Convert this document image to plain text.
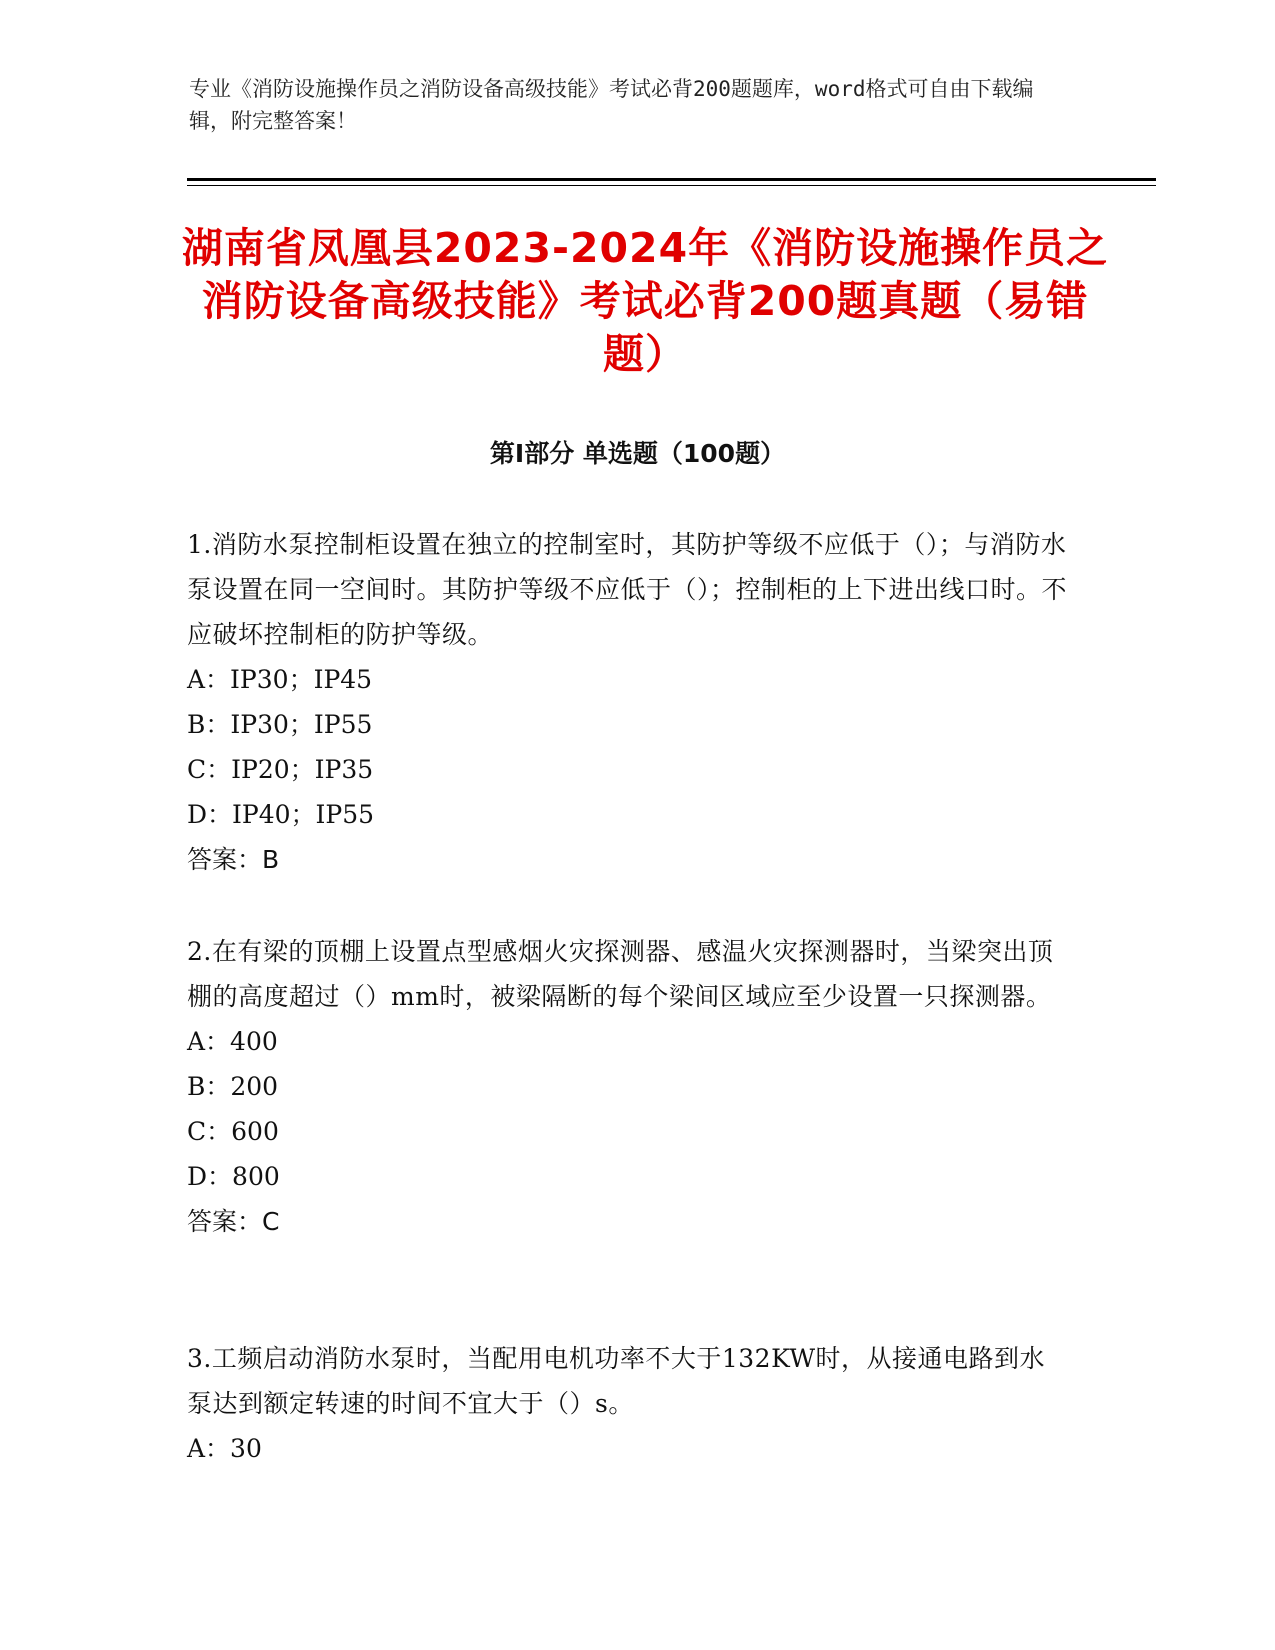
专业《消防设施操作员之消防设备高级技能》考试必背200题题库，word格式可自由下载编辑，附完整答案！

湖南省凤凰县2023-2024年《消防设施操作员之消防设备高级技能》考试必背200题真题（易错题）
第I部分 单选题（100题）

1.消防水泵控制柜设置在独立的控制室时，其防护等级不应低于（）；与消防水泵设置在同一空间时。其防护等级不应低于（）；控制柜的上下进出线口时。不应破坏控制柜的防护等级。

A：IP30；IP45

B：IP30；IP55

C：IP20；IP35

D：IP40；IP55

答案：B

2.在有梁的顶棚上设置点型感烟火灾探测器、感温火灾探测器时，当梁突出顶棚的高度超过（）mm时，被梁隔断的每个梁间区域应至少设置一只探测器。

A：400

B：200

C：600

D：800

答案：C

3.工频启动消防水泵时，当配用电机功率不大于132KW时，从接通电路到水泵达到额定转速的时间不宜大于（）s。

A：30
